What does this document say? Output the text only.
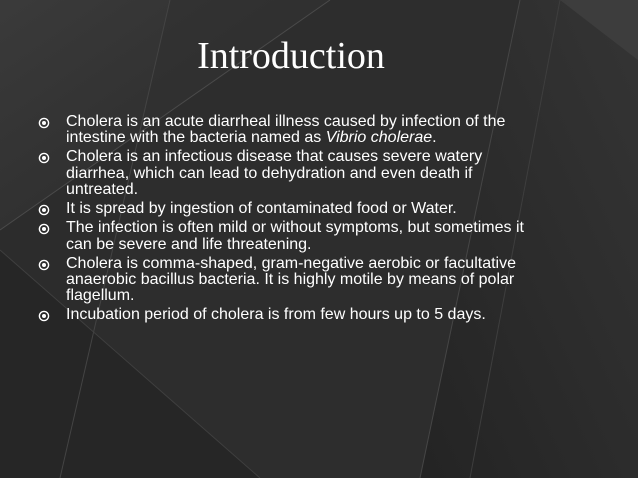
Introduction
Cholera is an acute diarrheal illness caused by infection of the intestine with the bacteria named as Vibrio cholerae.
Cholera is an infectious disease that causes severe watery diarrhea, which can lead to dehydration and even death if untreated.
It is spread by ingestion of contaminated food or Water.
The infection is often mild or without symptoms, but sometimes it can be severe and life threatening.
Cholera is comma-shaped, gram-negative aerobic or facultative anaerobic bacillus bacteria. It is highly motile by means of polar flagellum.
Incubation period of cholera is from few hours up to 5 days.
